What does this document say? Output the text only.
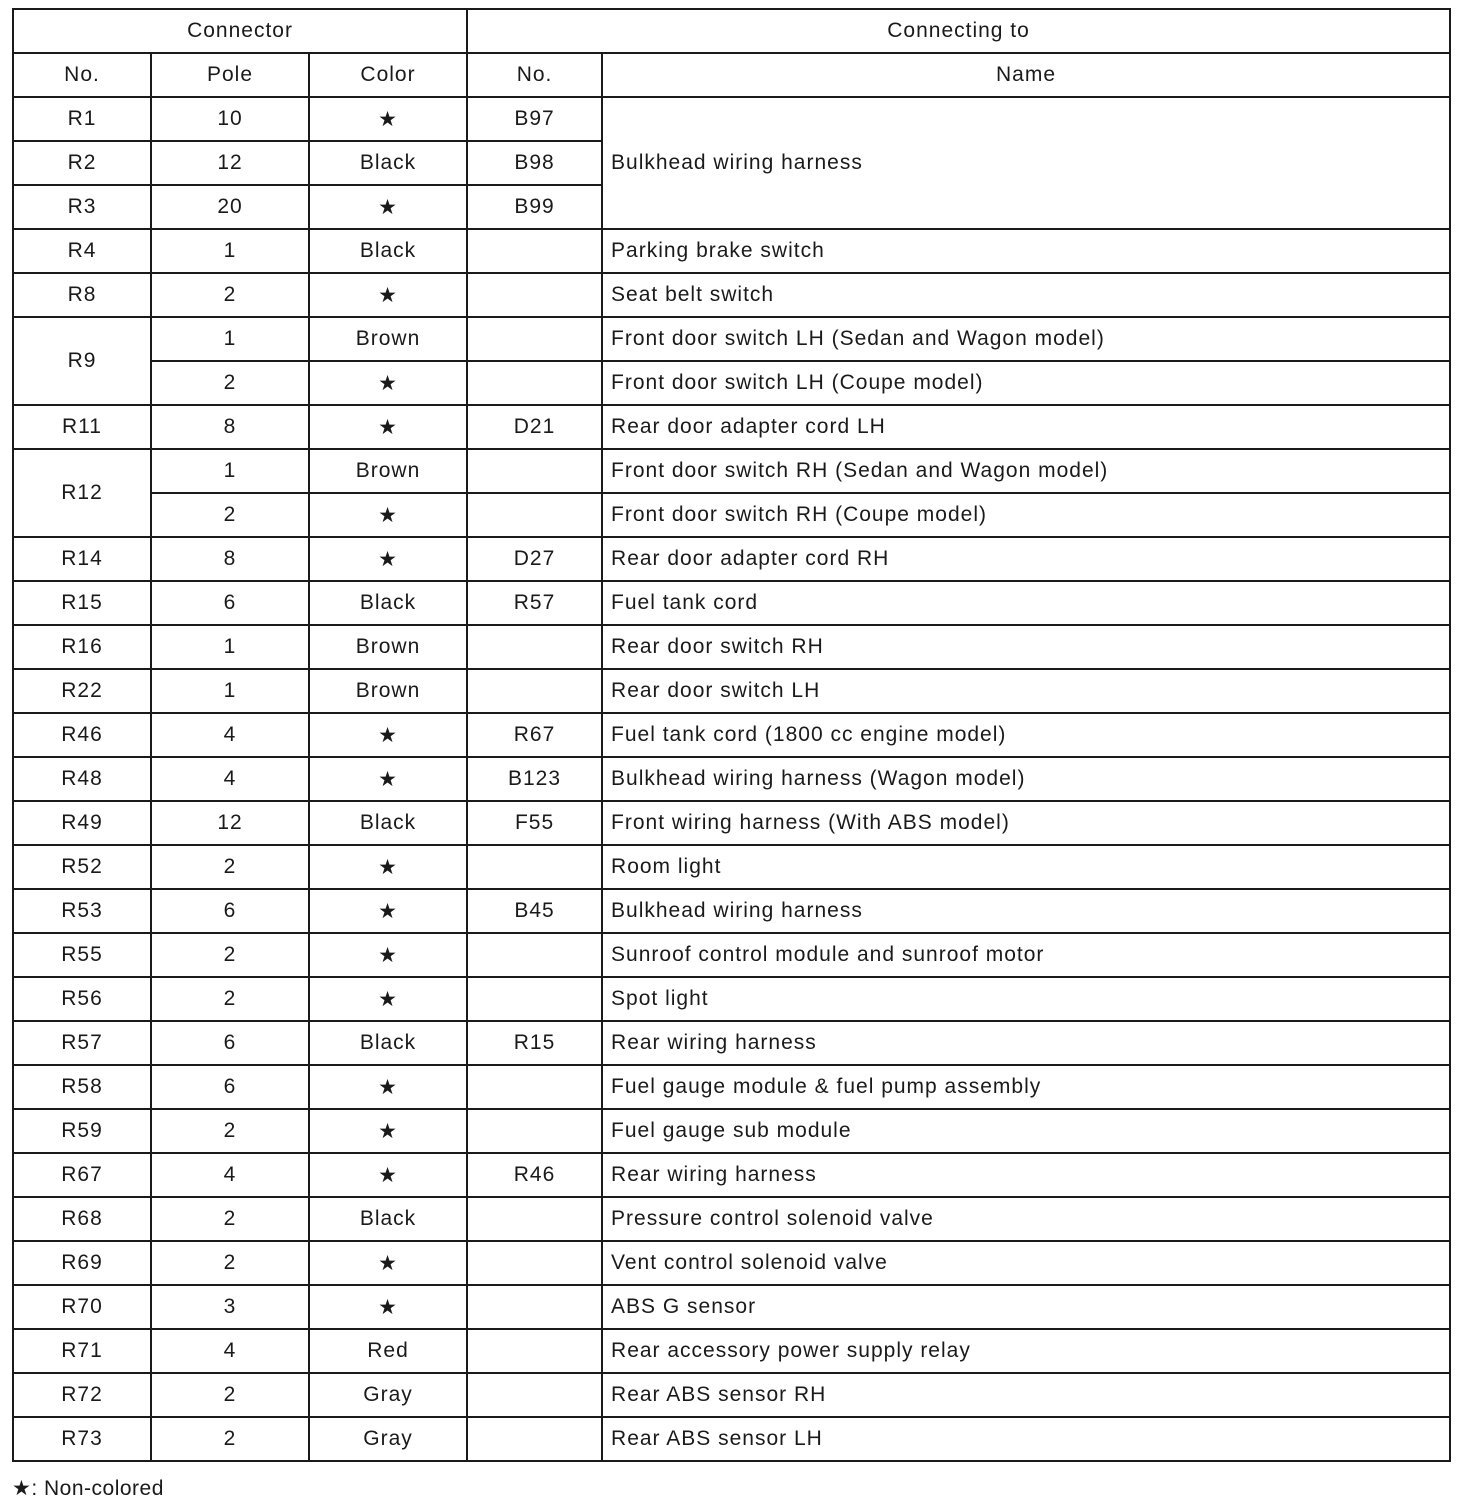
Connector			Connecting to	
No.	Pole	Color	No.	Name
R1	10	★	B97	Bulkhead wiring harness
R2	12	Black	B98	
R3	20	★	B99	
R4	1	Black		Parking brake switch
R8	2	★		Seat belt switch
R9	1	Brown		Front door switch LH (Sedan and Wagon model)
	2	★		Front door switch LH (Coupe model)
R11	8	★	D21	Rear door adapter cord LH
R12	1	Brown		Front door switch RH (Sedan and Wagon model)
	2	★		Front door switch RH (Coupe model)
R14	8	★	D27	Rear door adapter cord RH
R15	6	Black	R57	Fuel tank cord
R16	1	Brown		Rear door switch RH
R22	1	Brown		Rear door switch LH
R46	4	★	R67	Fuel tank cord (1800 cc engine model)
R48	4	★	B123	Bulkhead wiring harness (Wagon model)
R49	12	Black	F55	Front wiring harness (With ABS model)
R52	2	★		Room light
R53	6	★	B45	Bulkhead wiring harness
R55	2	★		Sunroof control module and sunroof motor
R56	2	★		Spot light
R57	6	Black	R15	Rear wiring harness
R58	6	★		Fuel gauge module & fuel pump assembly
R59	2	★		Fuel gauge sub module
R67	4	★	R46	Rear wiring harness
R68	2	Black		Pressure control solenoid valve
R69	2	★		Vent control solenoid valve
R70	3	★		ABS G sensor
R71	4	Red		Rear accessory power supply relay
R72	2	Gray		Rear ABS sensor RH
R73	2	Gray		Rear ABS sensor LH
★: Non-colored
